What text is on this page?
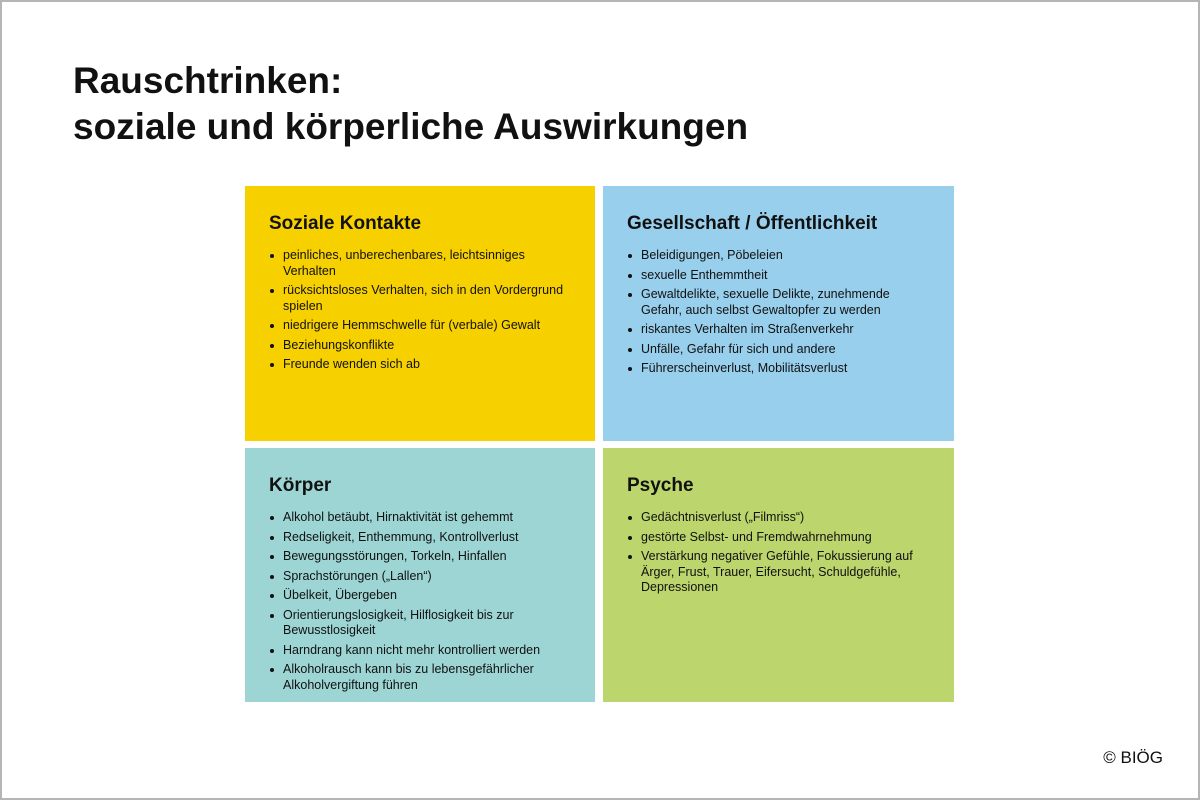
Rauschtrinken:
soziale und körperliche Auswirkungen
Soziale Kontakte
peinliches, unberechenbares, leichtsinniges Verhalten
rücksichtsloses Verhalten, sich in den Vordergrund spielen
niedrigere Hemmschwelle für (verbale) Gewalt
Beziehungskonflikte
Freunde wenden sich ab
Gesellschaft / Öffentlichkeit
Beleidigungen, Pöbeleien
sexuelle Enthemmtheit
Gewaltdelikte, sexuelle Delikte, zunehmende Gefahr, auch selbst Gewaltopfer zu werden
riskantes Verhalten im Straßenverkehr
Unfälle, Gefahr für sich und andere
Führerscheinverlust, Mobilitätsverlust
Körper
Alkohol betäubt, Hirnaktivität ist gehemmt
Redseligkeit, Enthemmung, Kontrollverlust
Bewegungsstörungen, Torkeln, Hinfallen
Sprachstörungen („Lallen“)
Übelkeit, Übergeben
Orientierungslosigkeit, Hilflosigkeit bis zur Bewusstlosigkeit
Harndrang kann nicht mehr kontrolliert werden
Alkoholrausch kann bis zu lebensgefährlicher Alkoholvergiftung führen
Psyche
Gedächtnisverlust („Filmriss“)
gestörte Selbst- und Fremdwahrnehmung
Verstärkung negativer Gefühle, Fokussierung auf Ärger, Frust, Trauer, Eifersucht, Schuldgefühle, Depressionen
© BIÖG
